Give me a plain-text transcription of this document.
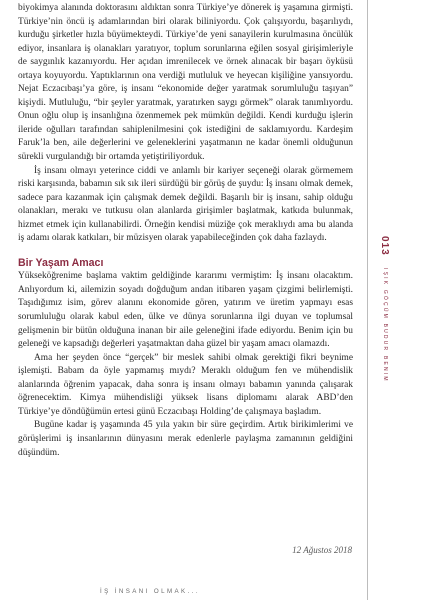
biyokimya alanında doktorasını aldıktan sonra Türkiye’ye dönerek iş yaşamına girmişti. Türkiye’nin öncü iş adamlarından biri olarak biliniyordu. Çok çalışıyordu, başarılıydı, kurduğu şirketler hızla büyümekteydi. Türkiye’de yeni sanayilerin kurulmasına öncülük ediyor, insanlara iş olanakları yaratıyor, toplum sorunlarına eğilen sosyal girişimleriyle de saygınlık kazanıyordu. Her açıdan imrenilecek ve örnek alınacak bir başarı öyküsü ortaya koyuyordu. Yaptıklarının ona verdiği mutluluk ve heyecan kişiliğine yansıyordu. Nejat Eczacıbaşı’ya göre, iş insanı “ekonomide değer yaratmak sorumluluğu taşıyan” kişiydi. Mutluluğu, “bir şeyler yaratmak, yaratırken saygı görmek” olarak tanımlıyordu. Onun oğlu olup iş insanlığına özenmemek pek mümkün değildi. Kendi kurduğu işlerin ileride oğulları tarafından sahiplenilmesini çok istediğini de saklamıyordu. Kardeşim Faruk’la ben, aile değerlerini ve geleneklerini yaşatmanın ne kadar önemli olduğunun sürekli vurgulandığı bir ortamda yetiştiriliyorduk.

İş insanı olmayı yeterince ciddi ve anlamlı bir kariyer seçeneği olarak görmemem riski karşısında, babamın sık sık ileri sürdüğü bir görüş de şuydu: İş insanı olmak demek, sadece para kazanmak için çalışmak demek değildi. Başarılı bir iş insanı, sahip olduğu olanakları, merakı ve tutkusu olan alanlarda girişimler başlatmak, katkıda bulunmak, hizmet etmek için kullanabilirdi. Örneğin kendisi müziğe çok meraklıydı ama bu alanda iş adamı olarak katkıları, bir müzisyen olarak yapabileceğinden çok daha fazlaydı.

Bir Yaşam Amacı

Yükseköğrenime başlama vaktim geldiğinde kararımı vermiştim: İş insanı olacaktım. Anlıyordum ki, ailemizin soyadı doğduğum andan itibaren yaşam çizgimi belirlemişti. Taşıdığımız isim, görev alanını ekonomide gören, yatırım ve üretim yapmayı esas sorumluluğu olarak kabul eden, ülke ve dünya sorunlarına ilgi duyan ve toplumsal gelişmenin bir bütün olduğuna inanan bir aile geleneğini ifade ediyordu. Benim için bu geleneği ve kapsadığı değerleri yaşatmaktan daha güzel bir yaşam amacı olamazdı.

Ama her şeyden önce “gerçek” bir meslek sahibi olmak gerektiği fikri beynime işlemişti. Babam da öyle yapmamış mıydı? Meraklı olduğum fen ve mühendislik alanlarında öğrenim yapacak, daha sonra iş insanı olmayı babamın yanında çalışarak öğrenecektim. Kimya mühendisliği yüksek lisans diplomamı alarak ABD’den Türkiye’ye döndüğümün ertesi günü Eczacıbaşı Holding’de çalışmaya başladım.

Bugüne kadar iş yaşamında 45 yıla yakın bir süre geçirdim. Artık birikimlerimi ve görüşlerimi iş insanlarının dünyasını merak edenlerle paylaşma zamanının geldiğini düşündüm.

12 Ağustos 2018
013
IŞIK GÖÇÜM BUDUR BENIM
İŞ İNSANI OLMAK...
